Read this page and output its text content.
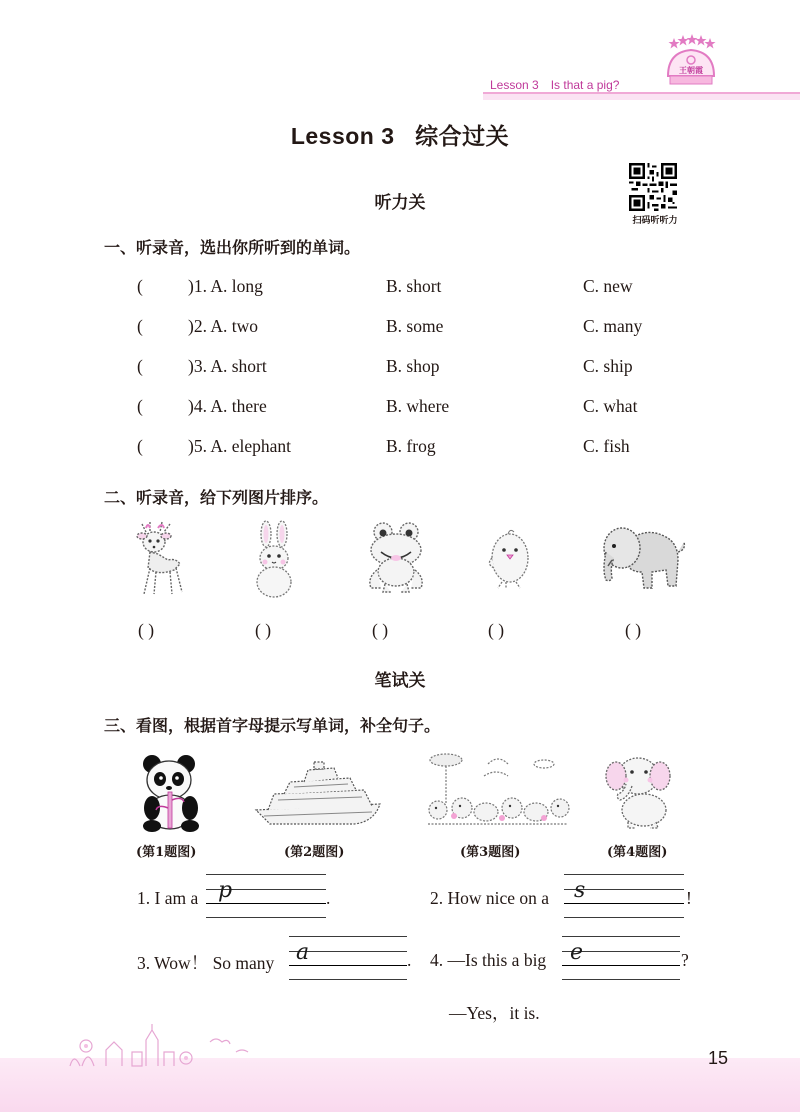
Lesson 3 Is that a pig?
王朝霞
Lesson 3   综合过关
听力关
扫码听听力
一、听录音，选出你所听到的单词。
(	)1. A. long	B. short	C. new
(	)2. A. two	B. some	C. many
(	)3. A. short	B. shop	C. ship
(	)4. A. there	B. where	C. what
(	)5. A. elephant	B. frog	C. fish
二、听录音，给下列图片排序。
( )	( )	( )	( )	( )
笔试关
三、看图，根据首字母提示写单词，补全句子。
(第1题图)	(第2题图)	(第3题图)	(第4题图)
1. I am a p	.	2. How nice on a s	!
3. Wow！ So many a	. 4. —Is this a big e	?
—Yes，it is.
15
